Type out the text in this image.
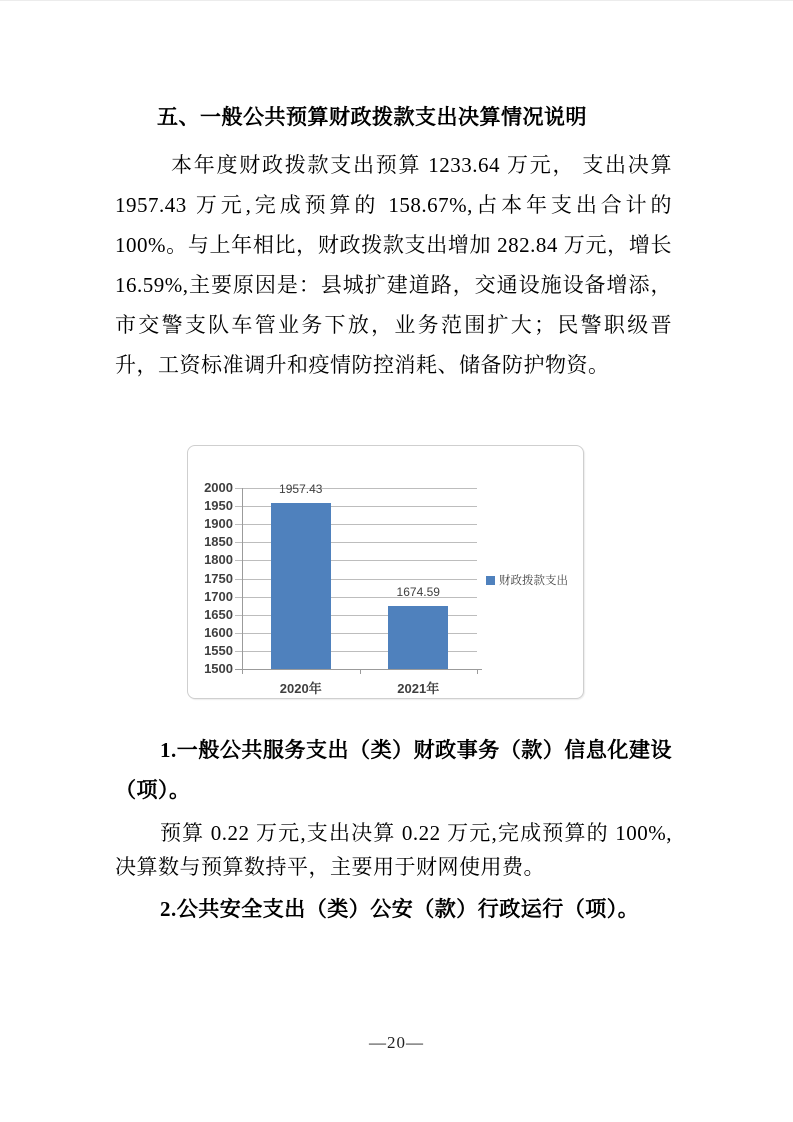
五、一般公共预算财政拨款支出决算情况说明

本年度财政拨款支出预算 1233.64 万元， 支出决算 1957.43 万元,完成预算的 158.67%,占本年支出合计的 100%。与上年相比，财政拨款支出增加 282.84 万元，增长 16.59%,主要原因是：县城扩建道路，交通设施设备增添，市交警支队车管业务下放，业务范围扩大；民警职级晋升，工资标准调升和疫情防控消耗、储备防护物资。

2000
1950
1900
1850
1800
1750
1700
1650
1600
1550
1500
1957.43
2020年
1674.59
2021年
财政拨款支出

1.一般公共服务支出（类）财政事务（款）信息化建设（项）。

预算 0.22 万元,支出决算 0.22 万元,完成预算的 100%,决算数与预算数持平，主要用于财网使用费。

2.公共安全支出（类）公安（款）行政运行（项）。

—20—
